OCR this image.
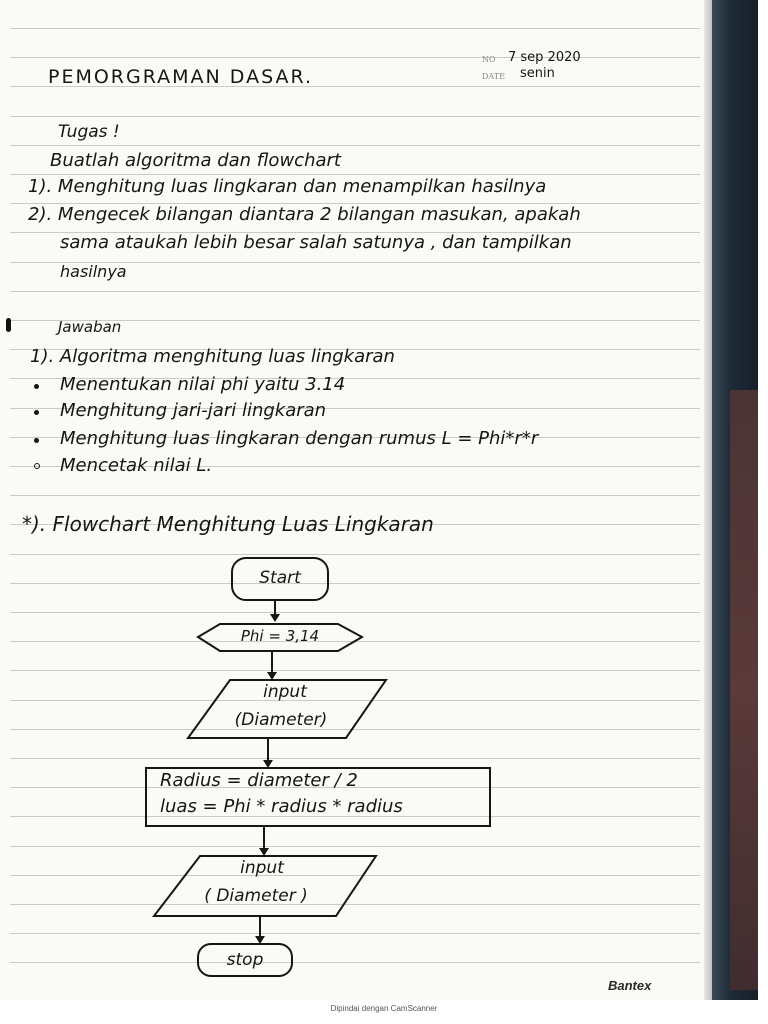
PEMORGRAMAN DASAR.
NO 7 sep 2020
DATE senin
Tugas !
Buatlah algoritma dan flowchart
1). Menghitung luas lingkaran dan menampilkan hasilnya
2). Mengecek bilangan diantara 2 bilangan masukan, apakah
sama ataukah lebih besar salah satunya , dan tampilkan
hasilnya
Jawaban
1). Algoritma menghitung luas lingkaran
Menentukan nilai phi yaitu 3.14
Menghitung jari-jari lingkaran
Menghitung luas lingkaran dengan rumus L = Phi*r*r
Mencetak nilai L.
*). Flowchart Menghitung Luas Lingkaran
Start
Phi = 3,14
input
(Diameter)
Radius = diameter / 2
luas = Phi * radius * radius
input
( Diameter )
stop
Bantex
Dipindai dengan CamScanner
